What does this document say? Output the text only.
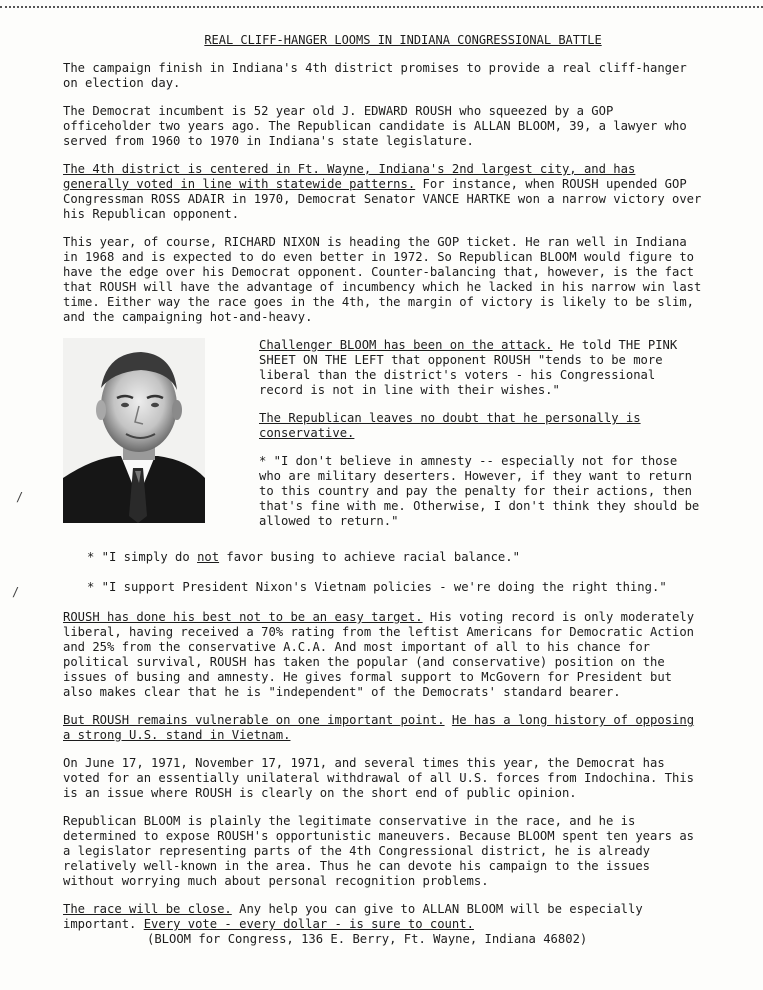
/
/
REAL CLIFF-HANGER LOOMS IN INDIANA CONGRESSIONAL BATTLE

The campaign finish in Indiana's 4th district promises to provide a real cliff-hanger on election day.

The Democrat incumbent is 52 year old J. EDWARD ROUSH who squeezed by a GOP officeholder two years ago. The Republican candidate is ALLAN BLOOM, 39, a lawyer who served from 1960 to 1970 in Indiana's state legislature.

The 4th district is centered in Ft. Wayne, Indiana's 2nd largest city, and has generally voted in line with statewide patterns. For instance, when ROUSH upended GOP Congressman ROSS ADAIR in 1970, Democrat Senator VANCE HARTKE won a narrow victory over his Republican opponent.

This year, of course, RICHARD NIXON is heading the GOP ticket. He ran well in Indiana in 1968 and is expected to do even better in 1972. So Republican BLOOM would figure to have the edge over his Democrat opponent. Counter-balancing that, however, is the fact that ROUSH will have the advantage of incumbency which he lacked in his narrow win last time. Either way the race goes in the 4th, the margin of victory is likely to be slim, and the campaigning hot-and-heavy.

Challenger BLOOM has been on the attack. He told THE PINK SHEET ON THE LEFT that opponent ROUSH "tends to be more liberal than the district's voters - his Congressional record is not in line with their wishes."

The Republican leaves no doubt that he personally is conservative.

* "I don't believe in amnesty -- especially not for those who are military deserters. However, if they want to return to this country and pay the penalty for their actions, then that's fine with me. Otherwise, I don't think they should be allowed to return."

* "I simply do not favor busing to achieve racial balance."

* "I support President Nixon's Vietnam policies - we're doing the right thing."

ROUSH has done his best not to be an easy target. His voting record is only moderately liberal, having received a 70% rating from the leftist Americans for Democratic Action and 25% from the conservative A.C.A. And most important of all to his chance for political survival, ROUSH has taken the popular (and conservative) position on the issues of busing and amnesty. He gives formal support to McGovern for President but also makes clear that he is "independent" of the Democrats' standard bearer.

But ROUSH remains vulnerable on one important point. He has a long history of opposing a strong U.S. stand in Vietnam.

On June 17, 1971, November 17, 1971, and several times this year, the Democrat has voted for an essentially unilateral withdrawal of all U.S. forces from Indochina. This is an issue where ROUSH is clearly on the short end of public opinion.

Republican BLOOM is plainly the legitimate conservative in the race, and he is determined to expose ROUSH's opportunistic maneuvers. Because BLOOM spent ten years as a legislator representing parts of the 4th Congressional district, he is already relatively well-known in the area. Thus he can devote his campaign to the issues without worrying much about personal recognition problems.

The race will be close. Any help you can give to ALLAN BLOOM will be especially important. Every vote - every dollar - is sure to count.

(BLOOM for Congress, 136 E. Berry, Ft. Wayne, Indiana 46802)
